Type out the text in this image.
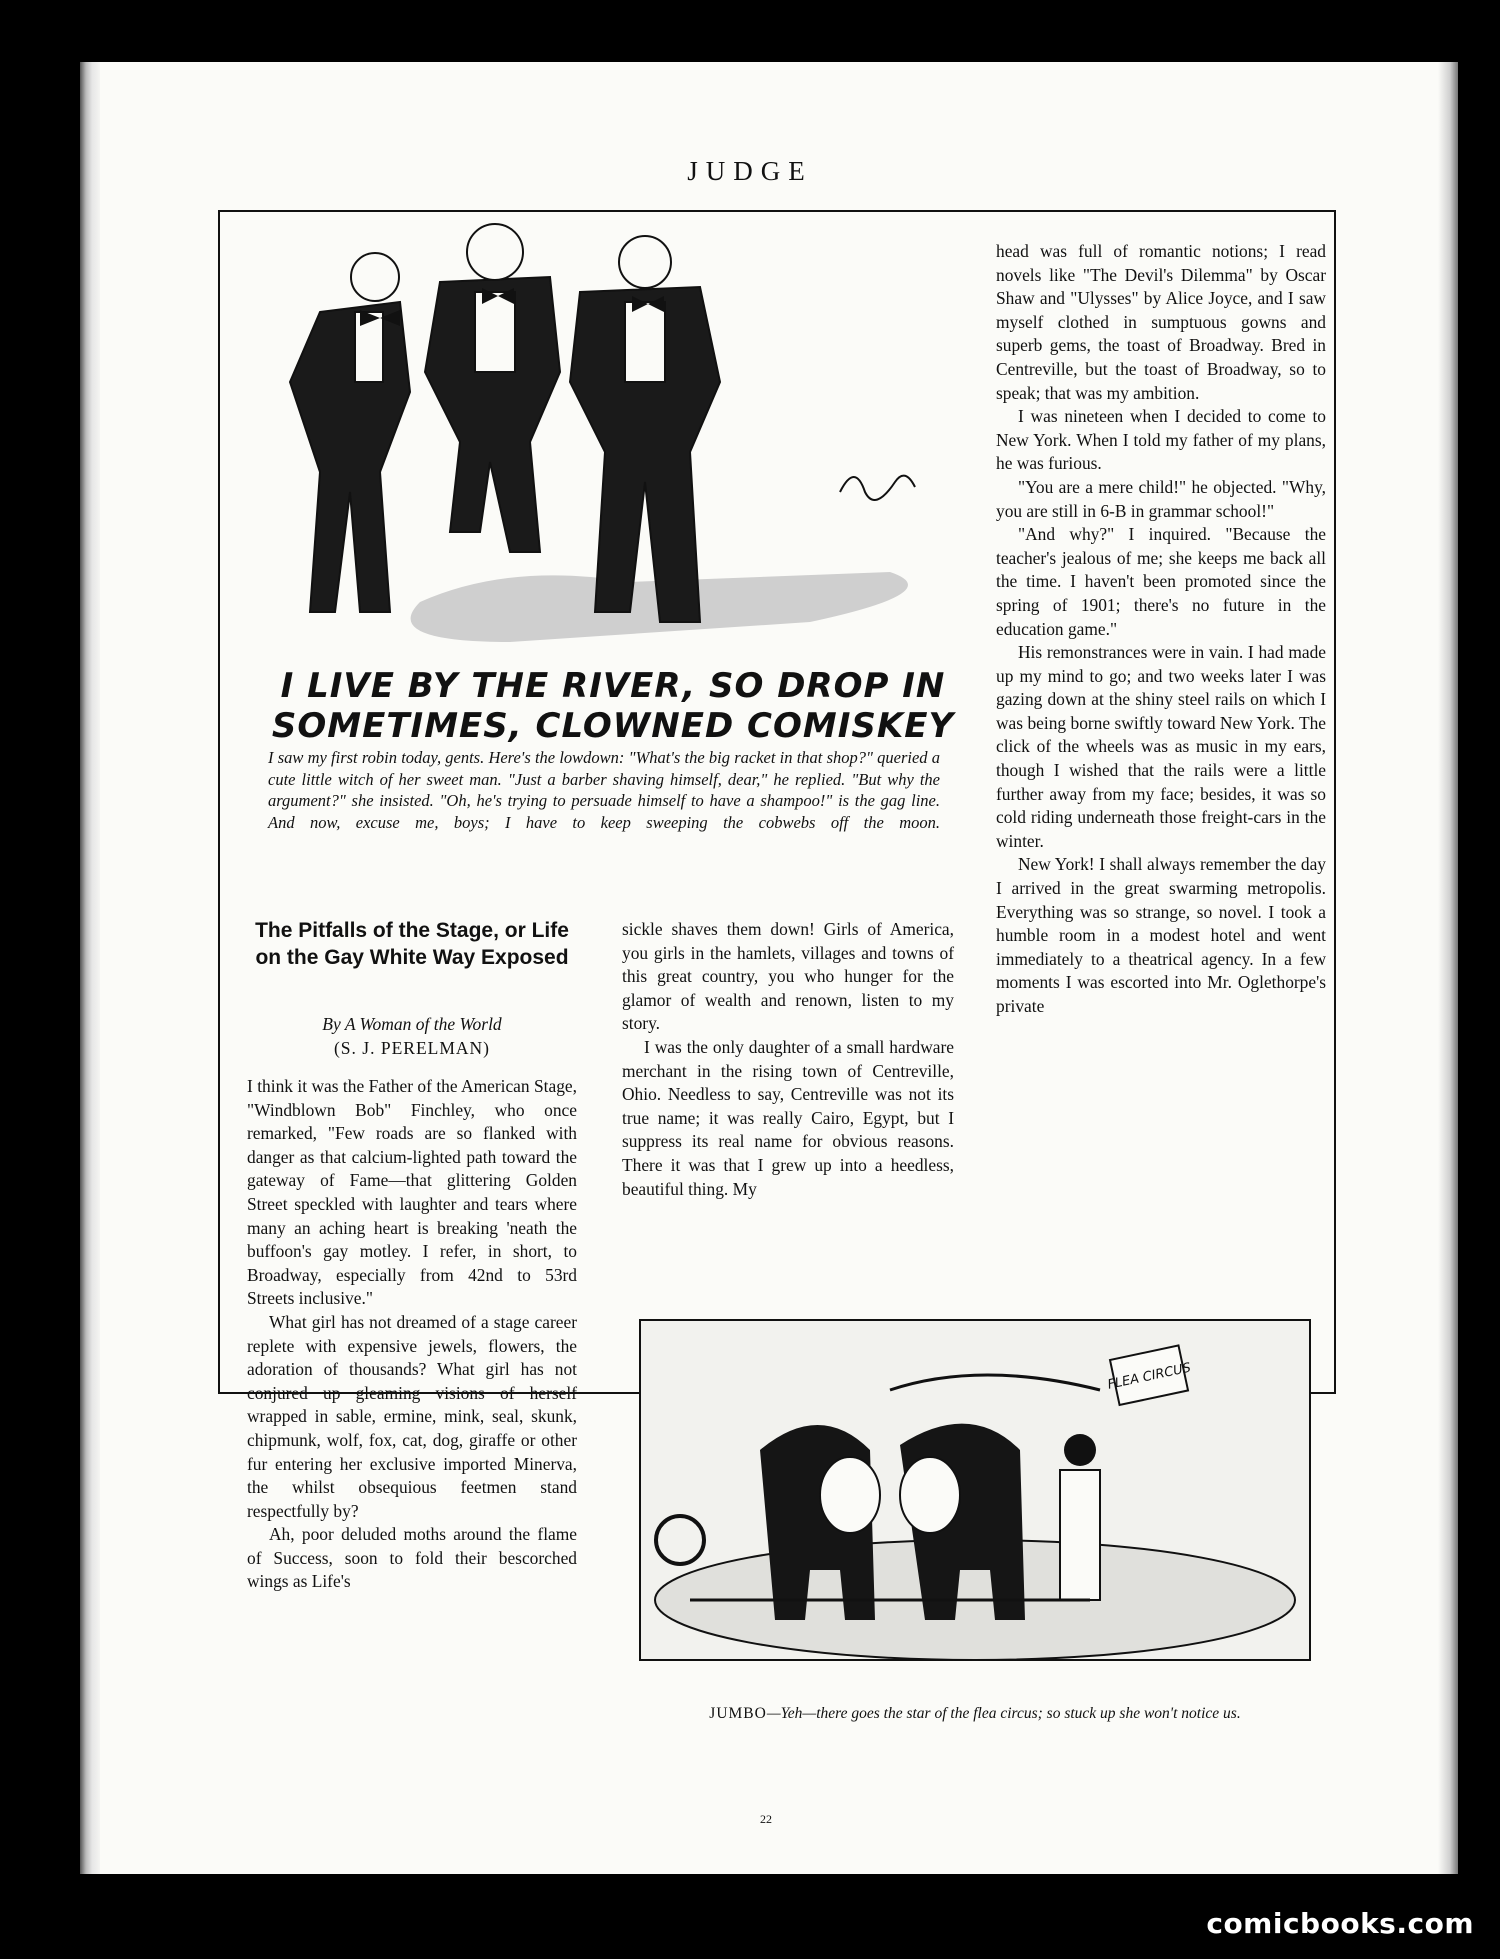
JUDGE
I LIVE BY THE RIVER, SO DROP IN SOMETIMES, CLOWNED COMISKEY
I saw my first robin today, gents. Here's the lowdown: "What's the big racket in that shop?" queried a cute little witch of her sweet man. "Just a barber shaving himself, dear," he replied. "But why the argument?" she insisted. "Oh, he's trying to persuade himself to have a shampoo!" is the gag line. And now, excuse me, boys; I have to keep sweeping the cobwebs off the moon.
The Pitfalls of the Stage, or Life on the Gay White Way Exposed
By A Woman of the World
(S. J. PERELMAN)

I think it was the Father of the American Stage, "Windblown Bob" Finchley, who once remarked, "Few roads are so flanked with danger as that calcium-lighted path toward the gateway of Fame—that glittering Golden Street speckled with laughter and tears where many an aching heart is breaking 'neath the buffoon's gay motley. I refer, in short, to Broadway, especially from 42nd to 53rd Streets inclusive."

What girl has not dreamed of a stage career replete with expensive jewels, flowers, the adoration of thousands? What girl has not conjured up gleaming visions of herself wrapped in sable, ermine, mink, seal, skunk, chipmunk, wolf, fox, cat, dog, giraffe or other fur entering her exclusive imported Minerva, the whilst obsequious feetmen stand respectfully by?

Ah, poor deluded moths around the flame of Success, soon to fold their bescorched wings as Life's

sickle shaves them down! Girls of America, you girls in the hamlets, villages and towns of this great country, you who hunger for the glamor of wealth and renown, listen to my story.

I was the only daughter of a small hardware merchant in the rising town of Centreville, Ohio. Needless to say, Centreville was not its true name; it was really Cairo, Egypt, but I suppress its real name for obvious reasons. There it was that I grew up into a heedless, beautiful thing. My

head was full of romantic notions; I read novels like "The Devil's Dilemma" by Oscar Shaw and "Ulysses" by Alice Joyce, and I saw myself clothed in sumptuous gowns and superb gems, the toast of Broadway. Bred in Centreville, but the toast of Broadway, so to speak; that was my ambition.

I was nineteen when I decided to come to New York. When I told my father of my plans, he was furious.

"You are a mere child!" he objected. "Why, you are still in 6-B in grammar school!"

"And why?" I inquired. "Because the teacher's jealous of me; she keeps me back all the time. I haven't been promoted since the spring of 1901; there's no future in the education game."

His remonstrances were in vain. I had made up my mind to go; and two weeks later I was gazing down at the shiny steel rails on which I was being borne swiftly toward New York. The click of the wheels was as music in my ears, though I wished that the rails were a little further away from my face; besides, it was so cold riding underneath those freight-cars in the winter.

New York! I shall always remember the day I arrived in the great swarming metropolis. Everything was so strange, so novel. I took a humble room in a modest hotel and went immediately to a theatrical agency. In a few moments I was escorted into Mr. Oglethorpe's private

FLEA CIRCUS
JUMBO—Yeh—there goes the star of the flea circus; so stuck up she won't notice us.
22
comicbooks.com
